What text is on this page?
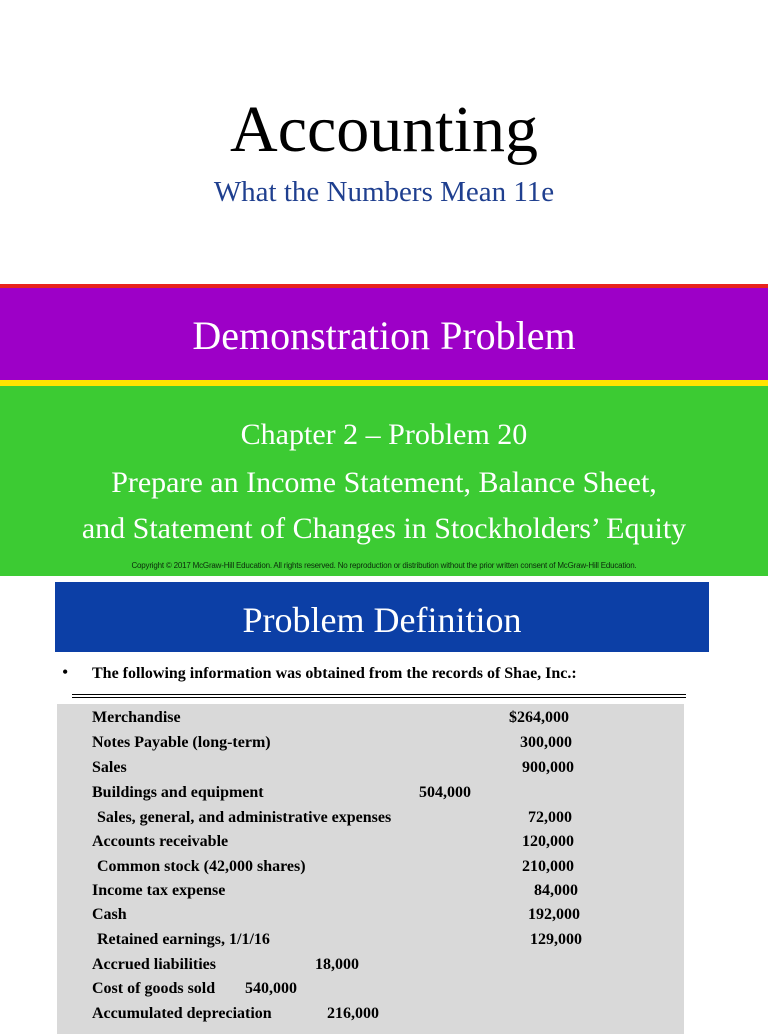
Accounting
What the Numbers Mean 11e
Demonstration Problem
Chapter 2 – Problem 20
Prepare an Income Statement, Balance Sheet,
and Statement of Changes in Stockholders’ Equity
Copyright © 2017 McGraw-Hill Education. All rights reserved. No reproduction or distribution without the prior written consent of McGraw-Hill Education.
Problem Definition
• The following information was obtained from the records of Shae, Inc.:
Merchandise	$264,000
Notes Payable (long-term)	300,000
Sales	900,000
Buildings and equipment	504,000
Sales, general, and administrative expenses	72,000
Accounts receivable	120,000
Common stock (42,000 shares)	210,000
Income tax expense	84,000
Cash	192,000
Retained earnings, 1/1/16	129,000
Accrued liabilities	18,000
Cost of goods sold 540,000
Accumulated depreciation	216,000
